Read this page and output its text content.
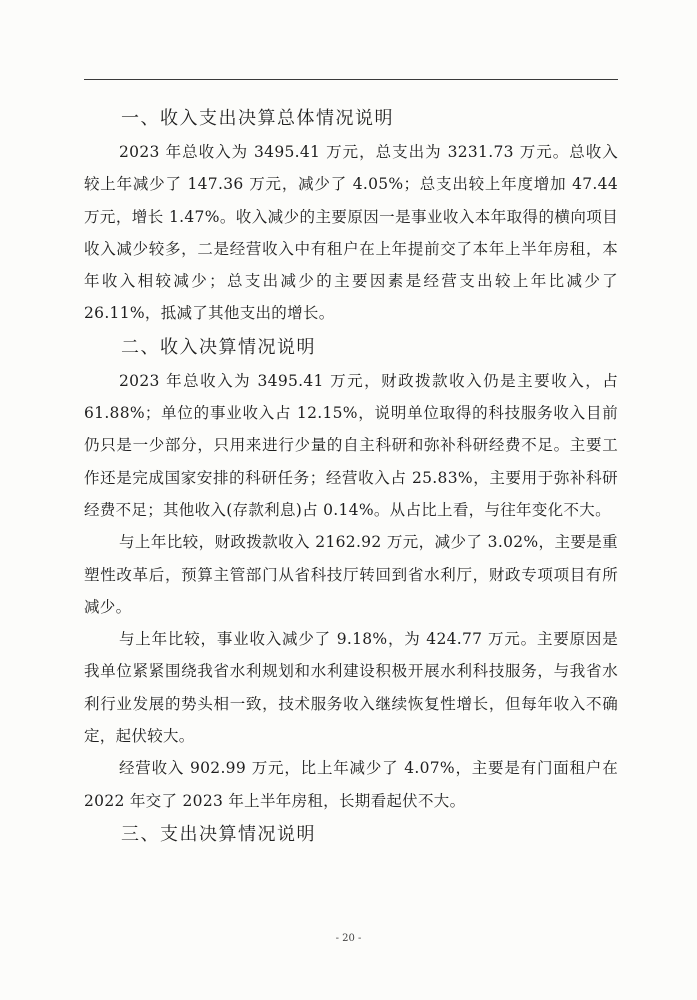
一、收入支出决算总体情况说明

2023 年总收入为 3495.41 万元，总支出为 3231.73 万元。总收入较上年减少了 147.36 万元，减少了 4.05%；总支出较上年度增加 47.44 万元，增长 1.47%。收入减少的主要原因一是事业收入本年取得的横向项目收入减少较多，二是经营收入中有租户在上年提前交了本年上半年房租，本年收入相较减少；总支出减少的主要因素是经营支出较上年比减少了 26.11%，抵减了其他支出的增长。

二、收入决算情况说明

2023 年总收入为 3495.41 万元，财政拨款收入仍是主要收入，占 61.88%；单位的事业收入占 12.15%，说明单位取得的科技服务收入目前仍只是一少部分，只用来进行少量的自主科研和弥补科研经费不足。主要工作还是完成国家安排的科研任务；经营收入占 25.83%，主要用于弥补科研经费不足；其他收入(存款利息)占 0.14%。从占比上看，与往年变化不大。

与上年比较，财政拨款收入 2162.92 万元，减少了 3.02%，主要是重塑性改革后，预算主管部门从省科技厅转回到省水利厅，财政专项项目有所减少。

与上年比较，事业收入减少了 9.18%，为 424.77 万元。主要原因是我单位紧紧围绕我省水利规划和水利建设积极开展水利科技服务，与我省水利行业发展的势头相一致，技术服务收入继续恢复性增长，但每年收入不确定，起伏较大。

经营收入 902.99 万元，比上年减少了 4.07%，主要是有门面租户在 2022 年交了 2023 年上半年房租，长期看起伏不大。

三、支出决算情况说明
- 20 -
